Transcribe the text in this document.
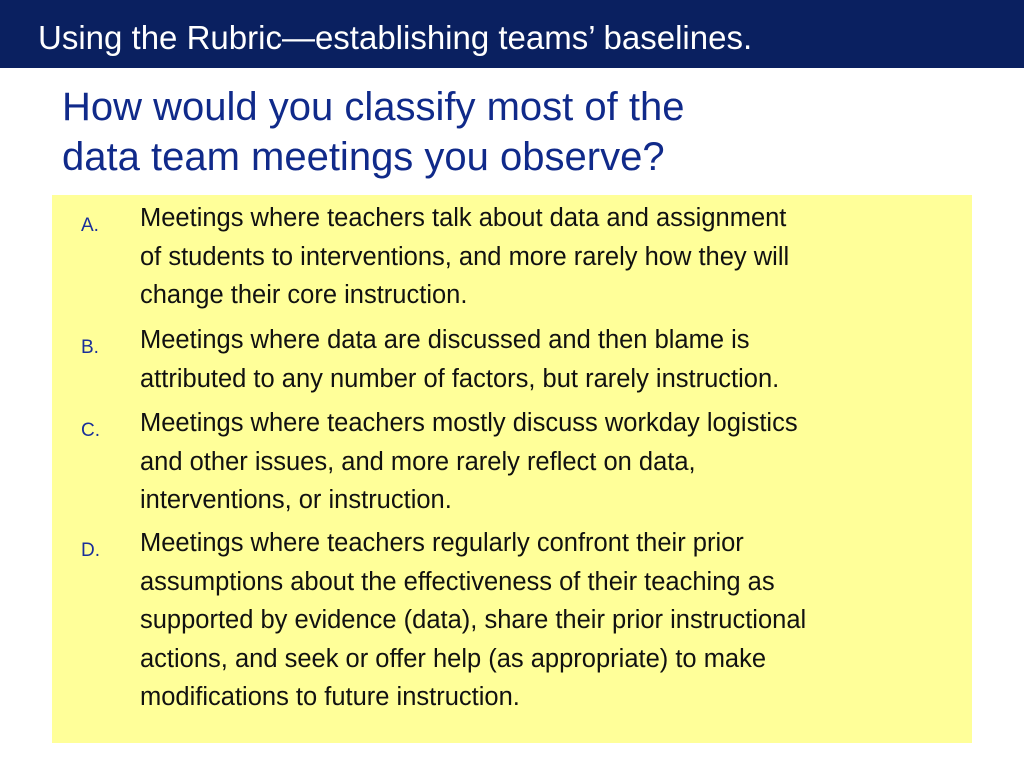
Using the Rubric—establishing teams’ baselines.
How would you classify most of the
data team meetings you observe?
A. Meetings where teachers talk about data and assignment
of students to interventions, and more rarely how they will
change their core instruction.
B. Meetings where data are discussed and then blame is
attributed to any number of factors, but rarely instruction.
C. Meetings where teachers mostly discuss workday logistics
and other issues, and more rarely reflect on data,
interventions, or instruction.
D. Meetings where teachers regularly confront their prior
assumptions about the effectiveness of their teaching as
supported by evidence (data), share their prior instructional
actions, and seek or offer help (as appropriate) to make
modifications to future instruction.
